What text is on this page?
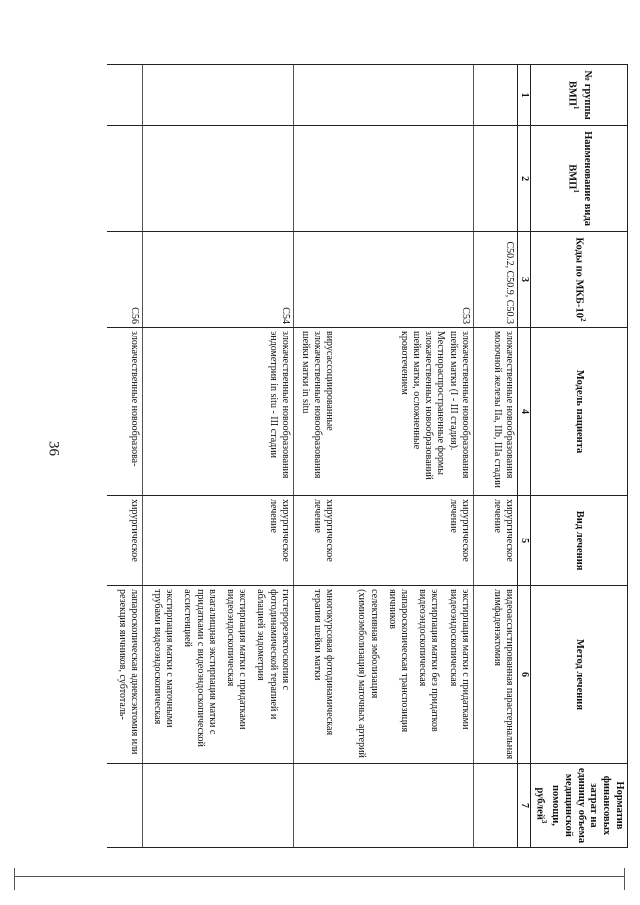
36
№ группы ВМП$^1$	Наименование вида ВМП$^1$	Коды по МКБ-$10^2$	Модель пациента	Вид лечения	Метод лечения	Норматив финансовых затрат на единицу объема медицинской помощи, рублей$^3$
1	2	3	4	5	6	7
		C50.2, C50.9, C50.3	злокачественные новообразования молочной железы IIa, IIb, IIIa стадии	хирургическое лечение	видеоассистированная парастернальная лимфаденэктомия	

		C53	злокачественные новообразования шейки матки (I - III стадия). Местнораспространенные формы злокачественных новообразований шейки матки, осложненные кровотечением	хирургическое лечение	экстирпация матки с придатками видеоэндоскопическая
экстирпация матки без придатков видеоэндоскопическая
лапароскопическая транспозиция яичников
селективная эмболизация (химиоэмболизация) маточных артерий	

			вирусассоциированные злокачественные новообразования шейки матки in situ	хирургическое лечение	многокурсовая фотодинамическая терапия шейки матки	

		C54	злокачественные новообразования эндометрия in situ - III стадии	хирургическое лечение	гистерорезектоскопия с фотодинамической терапией и аблацией эндометрия
экстирпация матки с придатками видеоэндоскопическая
влагалищная экстирпация матки с придатками с видеоэндоскопической ассистенцией
экстирпация матки с маточными трубами видеоэндоскопическая	

		C56	злокачественные новообразова-	хирургическое	лапароскопическая аднексэктомия или резекция яичников, субтоталь-	
